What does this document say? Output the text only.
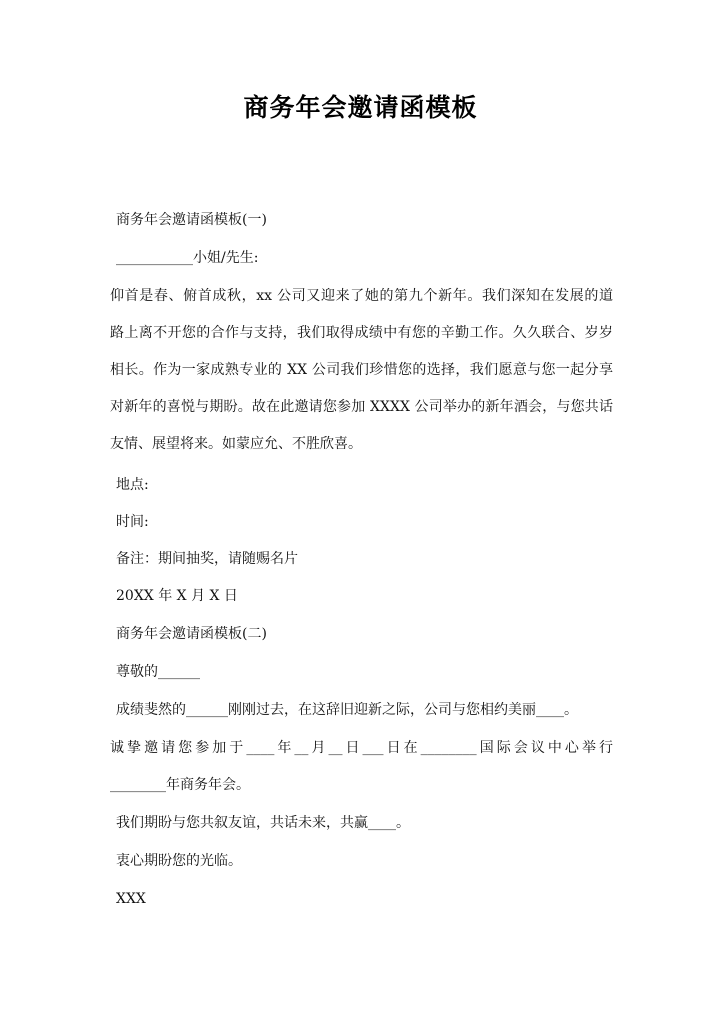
商务年会邀请函模板
商务年会邀请函模板(一)
___________小姐/先生:
仰首是春、俯首成秋，xx 公司又迎来了她的第九个新年。我们深知在发展的道
路上离不开您的合作与支持，我们取得成绩中有您的辛勤工作。久久联合、岁岁
相长。作为一家成熟专业的 XX 公司我们珍惜您的选择，我们愿意与您一起分享
对新年的喜悦与期盼。故在此邀请您参加 XXXX 公司举办的新年酒会，与您共话
友情、展望将来。如蒙应允、不胜欣喜。
地点:
时间:
备注：期间抽奖，请随赐名片
20XX 年 X 月 X 日
商务年会邀请函模板(二)
尊敬的______
成绩斐然的______刚刚过去，在这辞旧迎新之际，公司与您相约美丽____。
诚挚邀请您参加于____年__月__日___日在________国际会议中心举行
________年商务年会。
我们期盼与您共叙友谊，共话未来，共赢____。
衷心期盼您的光临。
XXX
